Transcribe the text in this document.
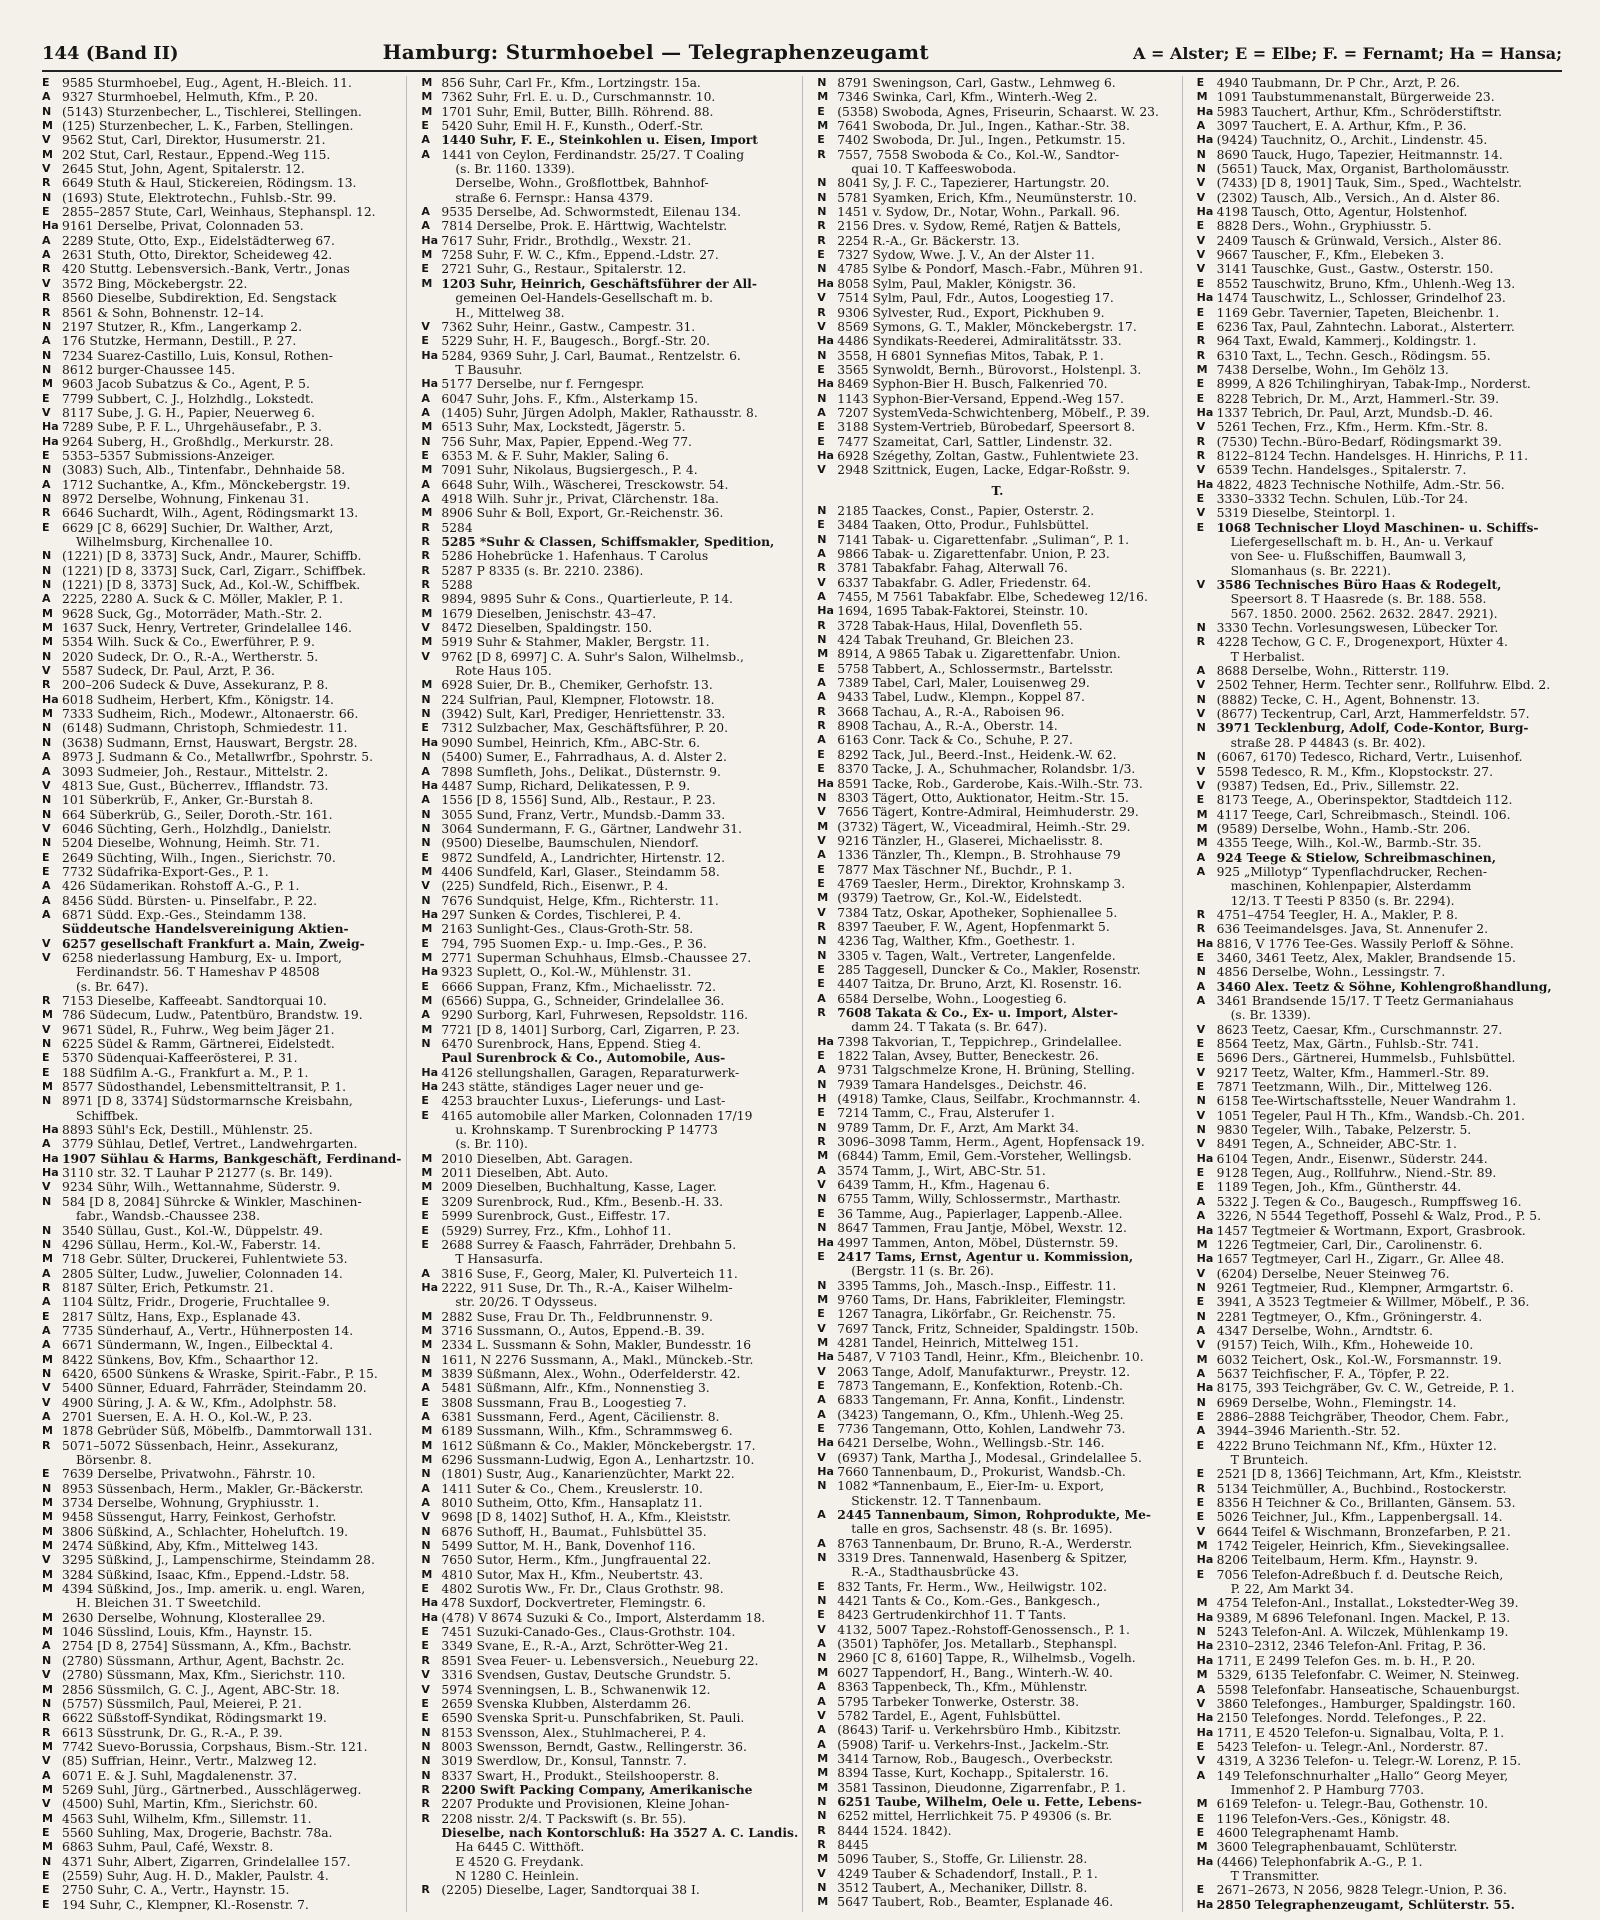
144 (Band II)	Hamburg: Sturmhoebel — Telegraphenzeugamt	A = Alster; E = Elbe; F. = Fernamt; Ha = Hansa;
E	9585 Sturmhoebel, Eug., Agent, H.-Bleich. 11.
A 9327 Sturmhoebel, Helmuth, Kfm., P. 20.
N (5143) Sturzenbecher, L., Tischlerei, Stellingen.
M (125) Sturzenbecher, L. K., Farben, Stellingen.
V 9562 Stut, Carl, Direktor, Husumerstr. 21.
M 202 Stut, Carl, Restaur., Eppend.-Weg 115.
V 2645 Stut, John, Agent, Spitalerstr. 12.
R 6649 Stuth & Haul, Stickereien, Rödingsm. 13.
N (1693) Stute, Elektrotechn., Fuhlsb.-Str. 99.
E	2855–2857 Stute, Carl, Weinhaus, Stephanspl. 12.
Ha 9161 Derselbe, Privat, Colonnaden 53.
A 2289 Stute, Otto, Exp., Eidelstädterweg 67.
A 2631 Stuth, Otto, Direktor, Scheideweg 42.
R 420 Stuttg. Lebensversich.-Bank, Vertr., Jonas
V 3572 Bing, Möckebergstr. 22.
R 8560 Dieselbe, Subdirektion, Ed. Sengstack
R 8561 & Sohn, Bohnenstr. 12–14.
N 2197 Stutzer, R., Kfm., Langerkamp 2.
A 176 Stutzke, Hermann, Destill., P. 27.
N 7234 Suarez-Castillo, Luis, Konsul, Rothen-
N 8612 burger-Chaussee 145.
M 9603 Jacob Subatzus & Co., Agent, P. 5.
E	7799 Subbert, C. J., Holzhdlg., Lokstedt.
V 8117 Sube, J. G. H., Papier, Neuerweg 6.
Ha 7289 Sube, P. F. L., Uhrgehäusefabr., P. 3.
Ha 9264 Suberg, H., Großhdlg., Merkurstr. 28.
E	5353–5357 Submissions-Anzeiger.
N (3083) Such, Alb., Tintenfabr., Dehnhaide 58.
A 1712 Suchantke, A., Kfm., Mönckebergstr. 19.
N 8972 Derselbe, Wohnung, Finkenau 31.
R 6646 Suchardt, Wilh., Agent, Rödingsmarkt 13.
E	6629 [C 8, 6629] Suchier, Dr. Walther, Arzt,
Wilhelmsburg, Kirchenallee 10.
N (1221) [D 8, 3373] Suck, Andr., Maurer, Schiffb.
N (1221) [D 8, 3373] Suck, Carl, Zigarr., Schiffbek.
N (1221) [D 8, 3373] Suck, Ad., Kol.-W., Schiffbek.
A 2225, 2280 A. Suck & C. Möller, Makler, P. 1.
M 9628 Suck, Gg., Motorräder, Math.-Str. 2.
M 1637 Suck, Henry, Vertreter, Grindelallee 146.
M 5354 Wilh. Suck & Co., Ewerführer, P. 9.
N 2020 Sudeck, Dr. O., R.-A., Wertherstr. 5.
V 5587 Sudeck, Dr. Paul, Arzt, P. 36.
R 200–206 Sudeck & Duve, Assekuranz, P. 8.
Ha 6018 Sudheim, Herbert, Kfm., Königstr. 14.
M 7333 Sudheim, Rich., Modewr., Altonaerstr. 66.
N (6148) Sudmann, Christoph, Schmiedestr. 11.
N (3638) Sudmann, Ernst, Hauswart, Bergstr. 28.
A 8973 J. Sudmann & Co., Metallwrfbr., Spohrstr. 5.
A 3093 Sudmeier, Joh., Restaur., Mittelstr. 2.
V 4813 Sue, Gust., Bücherrev., Ifflandstr. 73.
N 101 Süberkrüb, F., Anker, Gr.-Burstah 8.
N 664 Süberkrüb, G., Seiler, Doroth.-Str. 161.
V 6046 Süchting, Gerh., Holzhdlg., Danielstr.
N 5204 Dieselbe, Wohnung, Heimh. Str. 71.
E	2649 Süchting, Wilh., Ingen., Sierichstr. 70.
E	7732 Südafrika-Export-Ges., P. 1.
A 426 Südamerikan. Rohstoff A.-G., P. 1.
A 8456 Südd. Bürsten- u. Pinselfabr., P. 22.
A 6871 Südd. Exp.-Ges., Steindamm 138.
Süddeutsche Handelsvereinigung Aktien-
V 6257 gesellschaft Frankfurt a. Main, Zweig-
V 6258 niederlassung Hamburg, Ex- u. Import,
Ferdinandstr. 56. T Hameshav P 48508
(s. Br. 647).
R 7153 Dieselbe, Kaffeeabt. Sandtorquai 10.
M 786 Südecum, Ludw., Patentbüro, Brandstw. 19.
V 9671 Südel, R., Fuhrw., Weg beim Jäger 21.
N 6225 Südel & Ramm, Gärtnerei, Eidelstedt.
E	5370 Südenquai-Kaffeerösterei, P. 31.
E	188 Südfilm A.-G., Frankfurt a. M., P. 1.
M 8577 Südosthandel, Lebensmitteltransit, P. 1.
N 8971 [D 8, 3374] Südstormarnsche Kreisbahn,
Schiffbek.
Ha 8893 Sühl's Eck, Destill., Mühlenstr. 25.
A 3779 Sühlau, Detlef, Vertret., Landwehrgarten.
Ha 1907 Sühlau & Harms, Bankgeschäft, Ferdinand-
Ha 3110 str. 32. T Lauhar P 21277 (s. Br. 149).
V 9234 Sühr, Wilh., Wettannahme, Süderstr. 9.
N 584 [D 8, 2084] Sührcke & Winkler, Maschinen-
fabr., Wandsb.-Chaussee 238.
N 3540 Süllau, Gust., Kol.-W., Düppelstr. 49.
N 4296 Süllau, Herm., Kol.-W., Faberstr. 14.
M 718 Gebr. Sülter, Druckerei, Fuhlentwiete 53.
A 2805 Sülter, Ludw., Juwelier, Colonnaden 14.
R 8187 Sülter, Erich, Petkumstr. 21.
A 1104 Sültz, Fridr., Drogerie, Fruchtallee 9.
E	2817 Sültz, Hans, Exp., Esplanade 43.
A 7735 Sünderhauf, A., Vertr., Hühnerposten 14.
A 6671 Sündermann, W., Ingen., Eilbecktal 4.
M 8422 Sünkens, Bov, Kfm., Schaarthor 12.
N 6420, 6500 Sünkens & Wraske, Spirit.-Fabr., P. 15.
V 5400 Sünner, Eduard, Fahrräder, Steindamm 20.
V 4900 Süring, J. A. & W., Kfm., Adolphstr. 58.
A 2701 Suersen, E. A. H. O., Kol.-W., P. 23.
M 1878 Gebrüder Süß, Möbelfb., Dammtorwall 131.
R 5071–5072 Süssenbach, Heinr., Assekuranz,
Börsenbr. 8.
E	7639 Derselbe, Privatwohn., Fährstr. 10.
N 8953 Süssenbach, Herm., Makler, Gr.-Bäckerstr.
M 3734 Derselbe, Wohnung, Gryphiusstr. 1.
M 9458 Süssengut, Harry, Feinkost, Gerhofstr.
M 3806 Süßkind, A., Schlachter, Hoheluftch. 19.
M 2474 Süßkind, Aby, Kfm., Mittelweg 143.
V 3295 Süßkind, J., Lampenschirme, Steindamm 28.
M 3284 Süßkind, Isaac, Kfm., Eppend.-Ldstr. 58.
M 4394 Süßkind, Jos., Imp. amerik. u. engl. Waren,
H. Bleichen 31. T Sweetchild.
M 2630 Derselbe, Wohnung, Klosterallee 29.
M 1046 Süsslind, Louis, Kfm., Haynstr. 15.
A 2754 [D 8, 2754] Süssmann, A., Kfm., Bachstr.
N (2780) Süssmann, Arthur, Agent, Bachstr. 2c.
V (2780) Süssmann, Max, Kfm., Sierichstr. 110.
M 2856 Süssmilch, G. C. J., Agent, ABC-Str. 18.
N (5757) Süssmilch, Paul, Meierei, P. 21.
R 6622 Süßstoff-Syndikat, Rödingsmarkt 19.
R 6613 Süsstrunk, Dr. G., R.-A., P. 39.
M 7742 Suevo-Borussia, Corpshaus, Bism.-Str. 121.
V (85) Suffrian, Heinr., Vertr., Malzweg 12.
A 6071 E. & J. Suhl, Magdalenenstr. 37.
M 5269 Suhl, Jürg., Gärtnerbed., Ausschlägerweg.
V (4500) Suhl, Martin, Kfm., Sierichstr. 60.
M 4563 Suhl, Wilhelm, Kfm., Sillemstr. 11.
E	5560 Suhling, Max, Drogerie, Bachstr. 78a.
M 6863 Suhm, Paul, Café, Wexstr. 8.
N 4371 Suhr, Albert, Zigarren, Grindelallee 157.
E	(2559) Suhr, Aug. H. D., Makler, Paulstr. 4.
E	2750 Suhr, C. A., Vertr., Haynstr. 15.
E	194 Suhr, C., Klempner, Kl.-Rosenstr. 7.
M 856 Suhr, Carl Fr., Kfm., Lortzingstr. 15a.
M 7362 Suhr, Frl. E. u. D., Curschmannstr. 10.
M 1701 Suhr, Emil, Butter, Billh. Röhrend. 88.
E	5420 Suhr, Emil H. F., Kunsth., Oderf.-Str.
A 1440 Suhr, F. E., Steinkohlen u. Eisen, Import
A 1441 von Ceylon, Ferdinandstr. 25/27. T Coaling
(s. Br. 1160. 1339).
Derselbe, Wohn., Großflottbek, Bahnhof-
straße 6. Fernspr.: Hansa 4379.
A 9535 Derselbe, Ad. Schwormstedt, Eilenau 134.
A 7814 Derselbe, Prok. E. Härttwig, Wachtelstr.
Ha 7617 Suhr, Fridr., Brothdlg., Wexstr. 21.
M 7258 Suhr, F. W. C., Kfm., Eppend.-Ldstr. 27.
E	2721 Suhr, G., Restaur., Spitalerstr. 12.
M 1203 Suhr, Heinrich, Geschäftsführer der All-
gemeinen Oel-Handels-Gesellschaft m. b.
H., Mittelweg 38.
V 7362 Suhr, Heinr., Gastw., Campestr. 31.
E	5229 Suhr, H. F., Baugesch., Borgf.-Str. 20.
Ha 5284, 9369 Suhr, J. Carl, Baumat., Rentzelstr. 6.
T Bausuhr.
Ha 5177 Derselbe, nur f. Ferngespr.
A 6047 Suhr, Johs. F., Kfm., Alsterkamp 15.
A (1405) Suhr, Jürgen Adolph, Makler, Rathausstr. 8.
M 6513 Suhr, Max, Lockstedt, Jägerstr. 5.
N 756 Suhr, Max, Papier, Eppend.-Weg 77.
E	6353 M. & F. Suhr, Makler, Saling 6.
M 7091 Suhr, Nikolaus, Bugsiergesch., P. 4.
A 6648 Suhr, Wilh., Wäscherei, Tresckowstr. 54.
A 4918 Wilh. Suhr jr., Privat, Clärchenstr. 18a.
M 8906 Suhr & Boll, Export, Gr.-Reichenstr. 36.
R 5284
R 5285 *Suhr & Classen, Schiffsmakler, Spedition,
R 5286 Hohebrücke 1. Hafenhaus. T Carolus
R 5287 P 8335 (s. Br. 2210. 2386).
R 5288
R 9894, 9895 Suhr & Cons., Quartierleute, P. 14.
M 1679 Dieselben, Jenischstr. 43–47.
V 8472 Dieselben, Spaldingstr. 150.
M 5919 Suhr & Stahmer, Makler, Bergstr. 11.
V 9762 [D 8, 6997] C. A. Suhr's Salon, Wilhelmsb.,
Rote Haus 105.
M 6928 Suier, Dr. B., Chemiker, Gerhofstr. 13.
N 224 Sulfrian, Paul, Klempner, Flotowstr. 18.
N (3942) Sult, Karl, Prediger, Henriettenstr. 33.
E	7312 Sulzbacher, Max, Geschäftsführer, P. 20.
Ha 9090 Sumbel, Heinrich, Kfm., ABC-Str. 6.
N (5400) Sumer, E., Fahrradhaus, A. d. Alster 2.
A 7898 Sumfleth, Johs., Delikat., Düsternstr. 9.
Ha 4487 Sump, Richard, Delikatessen, P. 9.
A 1556 [D 8, 1556] Sund, Alb., Restaur., P. 23.
N 3055 Sund, Franz, Vertr., Mundsb.-Damm 33.
N 3064 Sundermann, F. G., Gärtner, Landwehr 31.
N (9500) Dieselbe, Baumschulen, Niendorf.
E	9872 Sundfeld, A., Landrichter, Hirtenstr. 12.
M 4406 Sundfeld, Karl, Glaser., Steindamm 58.
V (225) Sundfeld, Rich., Eisenwr., P. 4.
N 7676 Sundquist, Helge, Kfm., Richterstr. 11.
Ha 297 Sunken & Cordes, Tischlerei, P. 4.
M 2163 Sunlight-Ges., Claus-Groth-Str. 58.
E	794, 795 Suomen Exp.- u. Imp.-Ges., P. 36.
M 2771 Superman Schuhhaus, Elmsb.-Chaussee 27.
Ha 9323 Suplett, O., Kol.-W., Mühlenstr. 31.
E	6666 Suppan, Franz, Kfm., Michaelisstr. 72.
M (6566) Suppa, G., Schneider, Grindelallee 36.
A 9290 Surborg, Karl, Fuhrwesen, Repsoldstr. 116.
M 7721 [D 8, 1401] Surborg, Carl, Zigarren, P. 23.
N 6470 Surenbrock, Hans, Eppend. Stieg 4.
Paul Surenbrock & Co., Automobile, Aus-
Ha 4126 stellungshallen, Garagen, Reparaturwerk-
Ha 243 stätte, ständiges Lager neuer und ge-
E	4253 brauchter Luxus-, Lieferungs- und Last-
E	4165 automobile aller Marken, Colonnaden 17/19
u. Krohnskamp. T Surenbrocking P 14773
(s. Br. 110).
M 2010 Dieselben, Abt. Garagen.
M 2011 Dieselben, Abt. Auto.
M 2009 Dieselben, Buchhaltung, Kasse, Lager.
E	3209 Surenbrock, Rud., Kfm., Besenb.-H. 33.
E	5999 Surenbrock, Gust., Eiffestr. 17.
E	(5929) Surrey, Frz., Kfm., Lohhof 11.
E	2688 Surrey & Faasch, Fahrräder, Drehbahn 5.
T Hansasurfa.
A 3816 Suse, F., Georg, Maler, Kl. Pulverteich 11.
Ha 2222, 911 Suse, Dr. Th., R.-A., Kaiser Wilhelm-
str. 20/26. T Odysseus.
M 2882 Suse, Frau Dr. Th., Feldbrunnenstr. 9.
M 3716 Sussmann, O., Autos, Eppend.-B. 39.
M 2334 L. Sussmann & Sohn, Makler, Bundesstr. 16
N 1611, N 2276 Sussmann, A., Makl., Münckeb.-Str.
M 3839 Süßmann, Alex., Wohn., Oderfelderstr. 42.
A 5481 Süßmann, Alfr., Kfm., Nonnenstieg 3.
E	3808 Sussmann, Frau B., Loogestieg 7.
A 6381 Sussmann, Ferd., Agent, Cäcilienstr. 8.
M 6189 Sussmann, Wilh., Kfm., Schrammsweg 6.
M 1612 Süßmann & Co., Makler, Mönckebergstr. 17.
M 6296 Sussmann-Ludwig, Egon A., Lenhartzstr. 10.
N (1801) Sustr, Aug., Kanarienzüchter, Markt 22.
A 1411 Suter & Co., Chem., Kreuslerstr. 10.
A 8010 Sutheim, Otto, Kfm., Hansaplatz 11.
V 9698 [D 8, 1402] Suthof, H. A., Kfm., Kleiststr.
N 6876 Suthoff, H., Baumat., Fuhlsbüttel 35.
N 5499 Suttor, M. H., Bank, Dovenhof 116.
N 7650 Sutor, Herm., Kfm., Jungfrauental 22.
M 4810 Sutor, Max H., Kfm., Neubertstr. 43.
E	4802 Surotis Ww., Fr. Dr., Claus Grothstr. 98.
Ha 478 Suxdorf, Dockvertreter, Flemingstr. 6.
Ha (478) V 8674 Suzuki & Co., Import, Alsterdamm 18.
E	7451 Suzuki-Canado-Ges., Claus-Grothstr. 104.
E	3349 Svane, E., R.-A., Arzt, Schrötter-Weg 21.
R 8591 Svea Feuer- u. Lebensversich., Neueburg 22.
V 3316 Svendsen, Gustav, Deutsche Grundstr. 5.
V 5974 Svenningsen, L. B., Schwanenwik 12.
E	2659 Svenska Klubben, Alsterdamm 26.
E	6590 Svenska Sprit-u. Punschfabriken, St. Pauli.
N 8153 Svensson, Alex., Stuhlmacherei, P. 4.
N 8003 Swensson, Berndt, Gastw., Rellingerstr. 36.
N 3019 Swerdlow, Dr., Konsul, Tannstr. 7.
N 8337 Swart, H., Produkt., Steilshooperstr. 8.
R 2200 Swift Packing Company, Amerikanische
R 2207 Produkte und Provisionen, Kleine Johan-
R 2208 nisstr. 2/4. T Packswift (s. Br. 55).
Dieselbe, nach Kontorschluß: Ha 3527 A. C. Landis.
Ha 6445 C. Witthöft.
E 4520 G. Freydank.
N 1280 C. Heinlein.
R (2205) Dieselbe, Lager, Sandtorquai 38 I.
N 8791 Sweningson, Carl, Gastw., Lehmweg 6.
M 7346 Swinka, Carl, Kfm., Winterh.-Weg 2.
E	(5358) Swoboda, Agnes, Friseurin, Schaarst. W. 23.
M 7641 Swoboda, Dr. Jul., Ingen., Kathar.-Str. 38.
E	7402 Swoboda, Dr. Jul., Ingen., Petkumstr. 15.
R 7557, 7558 Swoboda & Co., Kol.-W., Sandtor-
quai 10. T Kaffeeswoboda.
N 8041 Sy, J. F. C., Tapezierer, Hartungstr. 20.
N 5781 Syamken, Erich, Kfm., Neumünsterstr. 10.
N 1451 v. Sydow, Dr., Notar, Wohn., Parkall. 96.
R 2156 Dres. v. Sydow, Remé, Ratjen & Battels,
R 2254 R.-A., Gr. Bäckerstr. 13.
E	7327 Sydow, Wwe. J. V., An der Alster 11.
N 4785 Sylbe & Pondorf, Masch.-Fabr., Mühren 91.
Ha 8058 Sylm, Paul, Makler, Königstr. 36.
V 7514 Sylm, Paul, Fdr., Autos, Loogestieg 17.
R 9306 Sylvester, Rud., Export, Pickhuben 9.
V 8569 Symons, G. T., Makler, Mönckebergstr. 17.
Ha 4486 Syndikats-Reederei, Admiralitätsstr. 33.
N 3558, H 6801 Synnefias Mitos, Tabak, P. 1.
E	3565 Synwoldt, Bernh., Bürovorst., Holstenpl. 3.
Ha 8469 Syphon-Bier H. Busch, Falkenried 70.
N 1143 Syphon-Bier-Versand, Eppend.-Weg 157.
A 7207 SystemVeda-Schwichtenberg, Möbelf., P. 39.
E	3188 System-Vertrieb, Bürobedarf, Speersort 8.
E	7477 Szameitat, Carl, Sattler, Lindenstr. 32.
Ha 6928 Szégethy, Zoltan, Gastw., Fuhlentwiete 23.
V 2948 Szittnick, Eugen, Lacke, Edgar-Roßstr. 9.
T.
N 2185 Taackes, Const., Papier, Osterstr. 2.
E	3484 Taaken, Otto, Produr., Fuhlsbüttel.
N 7141 Tabak- u. Cigarettenfabr. „Suliman“, P. 1.
A 9866 Tabak- u. Zigarettenfabr. Union, P. 23.
R 3781 Tabakfabr. Fahag, Alterwall 76.
V 6337 Tabakfabr. G. Adler, Friedenstr. 64.
A 7455, M 7561 Tabakfabr. Elbe, Schedeweg 12/16.
Ha 1694, 1695 Tabak-Faktorei, Steinstr. 10.
R 3728 Tabak-Haus, Hilal, Dovenfleth 55.
N 424 Tabak Treuhand, Gr. Bleichen 23.
M 8914, A 9865 Tabak u. Zigarettenfabr. Union.
E	5758 Tabbert, A., Schlossermstr., Bartelsstr.
A 7389 Tabel, Carl, Maler, Louisenweg 29.
A 9433 Tabel, Ludw., Klempn., Koppel 87.
R 3668 Tachau, A., R.-A., Raboisen 96.
R 8908 Tachau, A., R.-A., Oberstr. 14.
A 6163 Conr. Tack & Co., Schuhe, P. 27.
E	8292 Tack, Jul., Beerd.-Inst., Heidenk.-W. 62.
E	8370 Tacke, J. A., Schuhmacher, Rolandsbr. 1/3.
Ha 8591 Tacke, Rob., Garderobe, Kais.-Wilh.-Str. 73.
N 8303 Tägert, Otto, Auktionator, Heitm.-Str. 15.
V 7656 Tägert, Kontre-Admiral, Heimhuderstr. 29.
M (3732) Tägert, W., Viceadmiral, Heimh.-Str. 29.
V 9216 Tänzler, H., Glaserei, Michaelisstr. 8.
A 1336 Tänzler, Th., Klempn., B. Strohhause 79
E	7877 Max Täschner Nf., Buchdr., P. 1.
E	4769 Taesler, Herm., Direktor, Krohnskamp 3.
M (9379) Taetrow, Gr., Kol.-W., Eidelstedt.
V 7384 Tatz, Oskar, Apotheker, Sophienallee 5.
R 8397 Taeuber, F. W., Agent, Hopfenmarkt 5.
N 4236 Tag, Walther, Kfm., Goethestr. 1.
N 3305 v. Tagen, Walt., Vertreter, Langenfelde.
E	285 Taggesell, Duncker & Co., Makler, Rosenstr.
E	4407 Taitza, Dr. Bruno, Arzt, Kl. Rosenstr. 16.
A 6584 Derselbe, Wohn., Loogestieg 6.
R 7608 Takata & Co., Ex- u. Import, Alster-
damm 24. T Takata (s. Br. 647).
Ha 7398 Takvorian, T., Teppichrep., Grindelallee.
E	1822 Talan, Avsey, Butter, Beneckestr. 26.
A 9731 Talgschmelze Krone, H. Brüning, Stelling.
N 7939 Tamara Handelsges., Deichstr. 46.
H (4918) Tamke, Claus, Seilfabr., Krochmannstr. 4.
E	7214 Tamm, C., Frau, Alsterufer 1.
N 9789 Tamm, Dr. F., Arzt, Am Markt 34.
R 3096–3098 Tamm, Herm., Agent, Hopfensack 19.
M (6844) Tamm, Emil, Gem.-Vorsteher, Wellingsb.
A 3574 Tamm, J., Wirt, ABC-Str. 51.
V 6439 Tamm, H., Kfm., Hagenau 6.
N 6755 Tamm, Willy, Schlossermstr., Marthastr.
E	36 Tamme, Aug., Papierlager, Lappenb.-Allee.
N 8647 Tammen, Frau Jantje, Möbel, Wexstr. 12.
Ha 4997 Tammen, Anton, Möbel, Düsternstr. 59.
E	2417 Tams, Ernst, Agentur u. Kommission,
(Bergstr. 11 (s. Br. 26).
N 3395 Tamms, Joh., Masch.-Insp., Eiffestr. 11.
M 9760 Tams, Dr. Hans, Fabrikleiter, Flemingstr.
E	1267 Tanagra, Likörfabr., Gr. Reichenstr. 75.
V 7697 Tanck, Fritz, Schneider, Spaldingstr. 150b.
M 4281 Tandel, Heinrich, Mittelweg 151.
Ha 5487, V 7103 Tandl, Heinr., Kfm., Bleichenbr. 10.
V 2063 Tange, Adolf, Manufakturwr., Preystr. 12.
E	7873 Tangemann, E., Konfektion, Rotenb.-Ch.
A 6833 Tangemann, Fr. Anna, Konfit., Lindenstr.
A (3423) Tangemann, O., Kfm., Uhlenh.-Weg 25.
E	7736 Tangemann, Otto, Kohlen, Landwehr 73.
Ha 6421 Derselbe, Wohn., Wellingsb.-Str. 146.
V (6937) Tank, Martha J., Modesal., Grindelallee 5.
Ha 7660 Tannenbaum, D., Prokurist, Wandsb.-Ch.
N 1082 *Tannenbaum, E., Eier-Im- u. Export,
Stickenstr. 12. T Tannenbaum.
A 2445 Tannenbaum, Simon, Rohprodukte, Me-
talle en gros, Sachsenstr. 48 (s. Br. 1695).
A 8763 Tannenbaum, Dr. Bruno, R.-A., Werderstr.
N 3319 Dres. Tannenwald, Hasenberg & Spitzer,
R.-A., Stadthausbrücke 43.
E	832 Tants, Fr. Herm., Ww., Heilwigstr. 102.
N 4421 Tants & Co., Kom.-Ges., Bankgesch.,
E	8423 Gertrudenkirchhof 11. T Tants.
V 4132, 5007 Tapez.-Rohstoff-Genossensch., P. 1.
A (3501) Taphöfer, Jos. Metallarb., Stephanspl.
N 2960 [C 8, 6160] Tappe, R., Wilhelmsb., Vogelh.
M 6027 Tappendorf, H., Bang., Winterh.-W. 40.
A 8363 Tappenbeck, Th., Kfm., Mühlenstr.
A 5795 Tarbeker Tonwerke, Osterstr. 38.
V 5782 Tardel, E., Agent, Fuhlsbüttel.
A (8643) Tarif- u. Verkehrsbüro Hmb., Kibitzstr.
A (5908) Tarif- u. Verkehrs-Inst., Jackelm.-Str.
M 3414 Tarnow, Rob., Baugesch., Overbeckstr.
M 8394 Tasse, Kurt, Kochapp., Spitalerstr. 16.
M 3581 Tassinon, Dieudonne, Zigarrenfabr., P. 1.
N 6251 Taube, Wilhelm, Oele u. Fette, Lebens-
N 6252 mittel, Herrlichkeit 75. P 49306 (s. Br.
R 8444 1524. 1842).
R 8445
M 5096 Tauber, S., Stoffe, Gr. Lilienstr. 28.
V 4249 Tauber & Schadendorf, Install., P. 1.
N 3512 Taubert, A., Mechaniker, Dillstr. 8.
M 5647 Taubert, Rob., Beamter, Esplanade 46.
E	4940 Taubmann, Dr. P Chr., Arzt, P. 26.
M 1091 Taubstummenanstalt, Bürgerweide 23.
Ha 5983 Tauchert, Arthur, Kfm., Schröderstiftstr.
A 3097 Tauchert, E. A. Arthur, Kfm., P. 36.
Ha (9424) Tauchnitz, O., Archit., Lindenstr. 45.
N 8690 Tauck, Hugo, Tapezier, Heitmannstr. 14.
N (5651) Tauck, Max, Organist, Bartholomäusstr.
V (7433) [D 8, 1901] Tauk, Sim., Sped., Wachtelstr.
V (2302) Tausch, Alb., Versich., An d. Alster 86.
Ha 4198 Tausch, Otto, Agentur, Holstenhof.
E	8828 Ders., Wohn., Gryphiusstr. 5.
V 2409 Tausch & Grünwald, Versich., Alster 86.
V 9667 Tauscher, F., Kfm., Elebeken 3.
V 3141 Tauschke, Gust., Gastw., Osterstr. 150.
E	8552 Tauschwitz, Bruno, Kfm., Uhlenh.-Weg 13.
Ha 1474 Tauschwitz, L., Schlosser, Grindelhof 23.
E	1169 Gebr. Tavernier, Tapeten, Bleichenbr. 1.
E	6236 Tax, Paul, Zahntechn. Laborat., Alsterterr.
R 964 Taxt, Ewald, Kammerj., Koldingstr. 1.
R 6310 Taxt, L., Techn. Gesch., Rödingsm. 55.
M 7438 Derselbe, Wohn., Im Gehölz 13.
E	8999, A 826 Tchilinghiryan, Tabak-Imp., Norderst.
E	8228 Tebrich, Dr. M., Arzt, Hammerl.-Str. 39.
Ha 1337 Tebrich, Dr. Paul, Arzt, Mundsb.-D. 46.
V 5261 Techen, Frz., Kfm., Herm. Kfm.-Str. 8.
R (7530) Techn.-Büro-Bedarf, Rödingsmarkt 39.
R 8122–8124 Techn. Handelsges. H. Hinrichs, P. 11.
V 6539 Techn. Handelsges., Spitalerstr. 7.
Ha 4822, 4823 Technische Nothilfe, Adm.-Str. 56.
E	3330–3332 Techn. Schulen, Lüb.-Tor 24.
V 5319 Dieselbe, Steintorpl. 1.
E	1068 Technischer Lloyd Maschinen- u. Schiffs-
Liefergesellschaft m. b. H., An- u. Verkauf
von See- u. Flußschiffen, Baumwall 3,
Slomanhaus (s. Br. 2221).
V 3586 Technisches Büro Haas & Rodegelt,
Speersort 8. T Haasrede (s. Br. 188. 558.
567. 1850. 2000. 2562. 2632. 2847. 2921).
N 3330 Techn. Vorlesungswesen, Lübecker Tor.
R 4228 Techow, G C. F., Drogenexport, Hüxter 4.
T Herbalist.
A 8688 Derselbe, Wohn., Ritterstr. 119.
V 2502 Tehner, Herm. Techter senr., Rollfuhrw. Elbd. 2.
N (8882) Tecke, C. H., Agent, Bohnenstr. 13.
V (8677) Teckentrup, Carl, Arzt, Hammerfeldstr. 57.
N 3971 Tecklenburg, Adolf, Code-Kontor, Burg-
straße 28. P 44843 (s. Br. 402).
N (6067, 6170) Tedesco, Richard, Vertr., Luisenhof.
V 5598 Tedesco, R. M., Kfm., Klopstockstr. 27.
V (9387) Tedsen, Ed., Priv., Sillemstr. 22.
E	8173 Teege, A., Oberinspektor, Stadtdeich 112.
M 4117 Teege, Carl, Schreibmasch., Steindl. 106.
M (9589) Derselbe, Wohn., Hamb.-Str. 206.
M 4355 Teege, Wilh., Kol.-W., Barmb.-Str. 35.
A 924 Teege & Stielow, Schreibmaschinen,
A 925 „Millotyp“ Typenflachdrucker, Rechen-
maschinen, Kohlenpapier, Alsterdamm
12/13. T Teesti P 8350 (s. Br. 2294).
R 4751–4754 Teegler, H. A., Makler, P. 8.
R 636 Teeimandelsges. Java, St. Annenufer 2.
Ha 8816, V 1776 Tee-Ges. Wassily Perloff & Söhne.
E	3460, 3461 Teetz, Alex, Makler, Brandsende 15.
N 4856 Derselbe, Wohn., Lessingstr. 7.
A 3460 Alex. Teetz & Söhne, Kohlengroßhandlung,
A 3461 Brandsende 15/17. T Teetz Germaniahaus
(s. Br. 1339).
V 8623 Teetz, Caesar, Kfm., Curschmannstr. 27.
E	8564 Teetz, Max, Gärtn., Fuhlsb.-Str. 741.
E	5696 Ders., Gärtnerei, Hummelsb., Fuhlsbüttel.
V 9217 Teetz, Walter, Kfm., Hammerl.-Str. 89.
E	7871 Teetzmann, Wilh., Dir., Mittelweg 126.
N 6158 Tee-Wirtschaftsstelle, Neuer Wandrahm 1.
V 1051 Tegeler, Paul H Th., Kfm., Wandsb.-Ch. 201.
N 9830 Tegeler, Wilh., Tabake, Pelzerstr. 5.
V 8491 Tegen, A., Schneider, ABC-Str. 1.
Ha 6104 Tegen, Andr., Eisenwr., Süderstr. 244.
E	9128 Tegen, Aug., Rollfuhrw., Niend.-Str. 89.
E	1189 Tegen, Joh., Kfm., Güntherstr. 44.
A 5322 J. Tegen & Co., Baugesch., Rumpffsweg 16.
A 3226, N 5544 Tegethoff, Possehl & Walz, Prod., P. 5.
Ha 1457 Tegtmeier & Wortmann, Export, Grasbrook.
M 1226 Tegtmeier, Carl, Dir., Carolinenstr. 6.
Ha 1657 Tegtmeyer, Carl H., Zigarr., Gr. Allee 48.
V (6204) Derselbe, Neuer Steinweg 76.
N 9261 Tegtmeier, Rud., Klempner, Armgartstr. 6.
E	3941, A 3523 Tegtmeier & Willmer, Möbelf., P. 36.
N 2281 Tegtmeyer, O., Kfm., Gröningerstr. 4.
A 4347 Derselbe, Wohn., Arndtstr. 6.
V (9157) Teich, Wilh., Kfm., Hoheweide 10.
M 6032 Teichert, Osk., Kol.-W., Forsmannstr. 19.
A 5637 Teichfischer, F. A., Töpfer, P. 22.
Ha 8175, 393 Teichgräber, Gv. C. W., Getreide, P. 1.
N 6969 Derselbe, Wohn., Flemingstr. 14.
E	2886–2888 Teichgräber, Theodor, Chem. Fabr.,
A 3944–3946 Marienth.-Str. 52.
E	4222 Bruno Teichmann Nf., Kfm., Hüxter 12.
T Brunteich.
E	2521 [D 8, 1366] Teichmann, Art, Kfm., Kleiststr.
R 5134 Teichmüller, A., Buchbind., Rostockerstr.
E	8356 H Teichner & Co., Brillanten, Gänsem. 53.
E	5026 Teichner, Jul., Kfm., Lappenbergsall. 14.
V 6644 Teifel & Wischmann, Bronzefarben, P. 21.
M 1742 Teigeler, Heinrich, Kfm., Sievekingsallee.
Ha 8206 Teitelbaum, Herm. Kfm., Haynstr. 9.
E	7056 Telefon-Adreßbuch f. d. Deutsche Reich,
P. 22, Am Markt 34.
M 4754 Telefon-Anl., Installat., Lokstedter-Weg 39.
Ha 9389, M 6896 Telefonanl. Ingen. Mackel, P. 13.
N 5243 Telefon-Anl. A. Wilczek, Mühlenkamp 19.
Ha 2310–2312, 2346 Telefon-Anl. Fritag, P. 36.
Ha 1711, E 2499 Telefon Ges. m. b. H., P. 20.
M 5329, 6135 Telefonfabr. C. Weimer, N. Steinweg.
A 5598 Telefonfabr. Hanseatische, Schauenburgst.
V 3860 Telefonges., Hamburger, Spaldingstr. 160.
Ha 2150 Telefonges. Nordd. Telefonges., P. 22.
Ha 1711, E 4520 Telefon-u. Signalbau, Volta, P. 1.
E	5423 Telefon- u. Telegr.-Anl., Norderstr. 87.
V 4319, A 3236 Telefon- u. Telegr.-W. Lorenz, P. 15.
A 149 Telefonschnurhalter „Hallo“ Georg Meyer,
Immenhof 2. P Hamburg 7703.
M 6169 Telefon- u. Telegr.-Bau, Gothenstr. 10.
E	1196 Telefon-Vers.-Ges., Königstr. 48.
E	4600 Telegraphenamt Hamb.
M 3600 Telegraphenbauamt, Schlüterstr.
Ha (4466) Telephonfabrik A.-G., P. 1.
T Transmitter.
E	2671–2673, N 2056, 9828 Telegr.-Union, P. 36.
Ha 2850 Telegraphenzeugamt, Schlüterstr. 55.
